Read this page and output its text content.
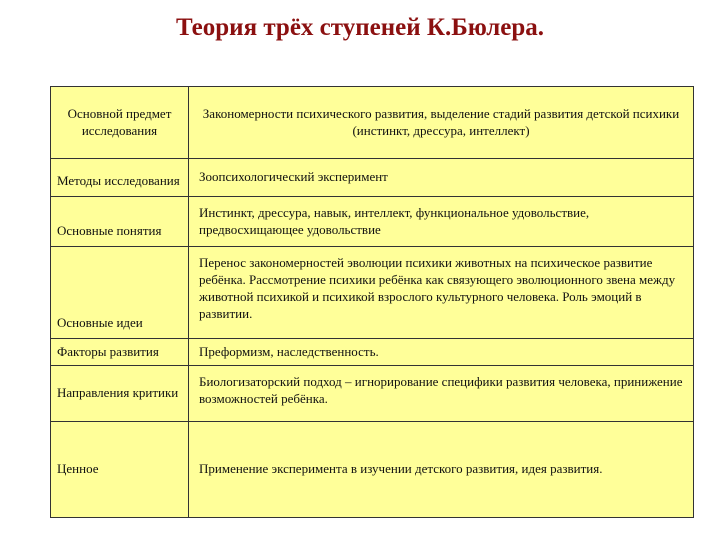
Теория трёх ступеней К.Бюлера.
Основной предмет исследования	Закономерности психического развития, выделение стадий развития детской психики (инстинкт, дрессура, интеллект)
Методы исследования	Зоопсихологический эксперимент
Основные понятия	Инстинкт, дрессура, навык, интеллект, функциональное удовольствие, предвосхищающее удовольствие
Основные идеи	Перенос закономерностей эволюции психики животных на психическое развитие ребёнка. Рассмотрение психики ребёнка как связующего эволюционного звена между животной психикой и психикой взрослого культурного человека. Роль эмоций в развитии.
Факторы развития	Преформизм, наследственность.
Направления критики	Биологизаторский подход – игнорирование специфики развития человека, принижение возможностей ребёнка.
Ценное	Применение эксперимента в изучении детского развития, идея развития.
